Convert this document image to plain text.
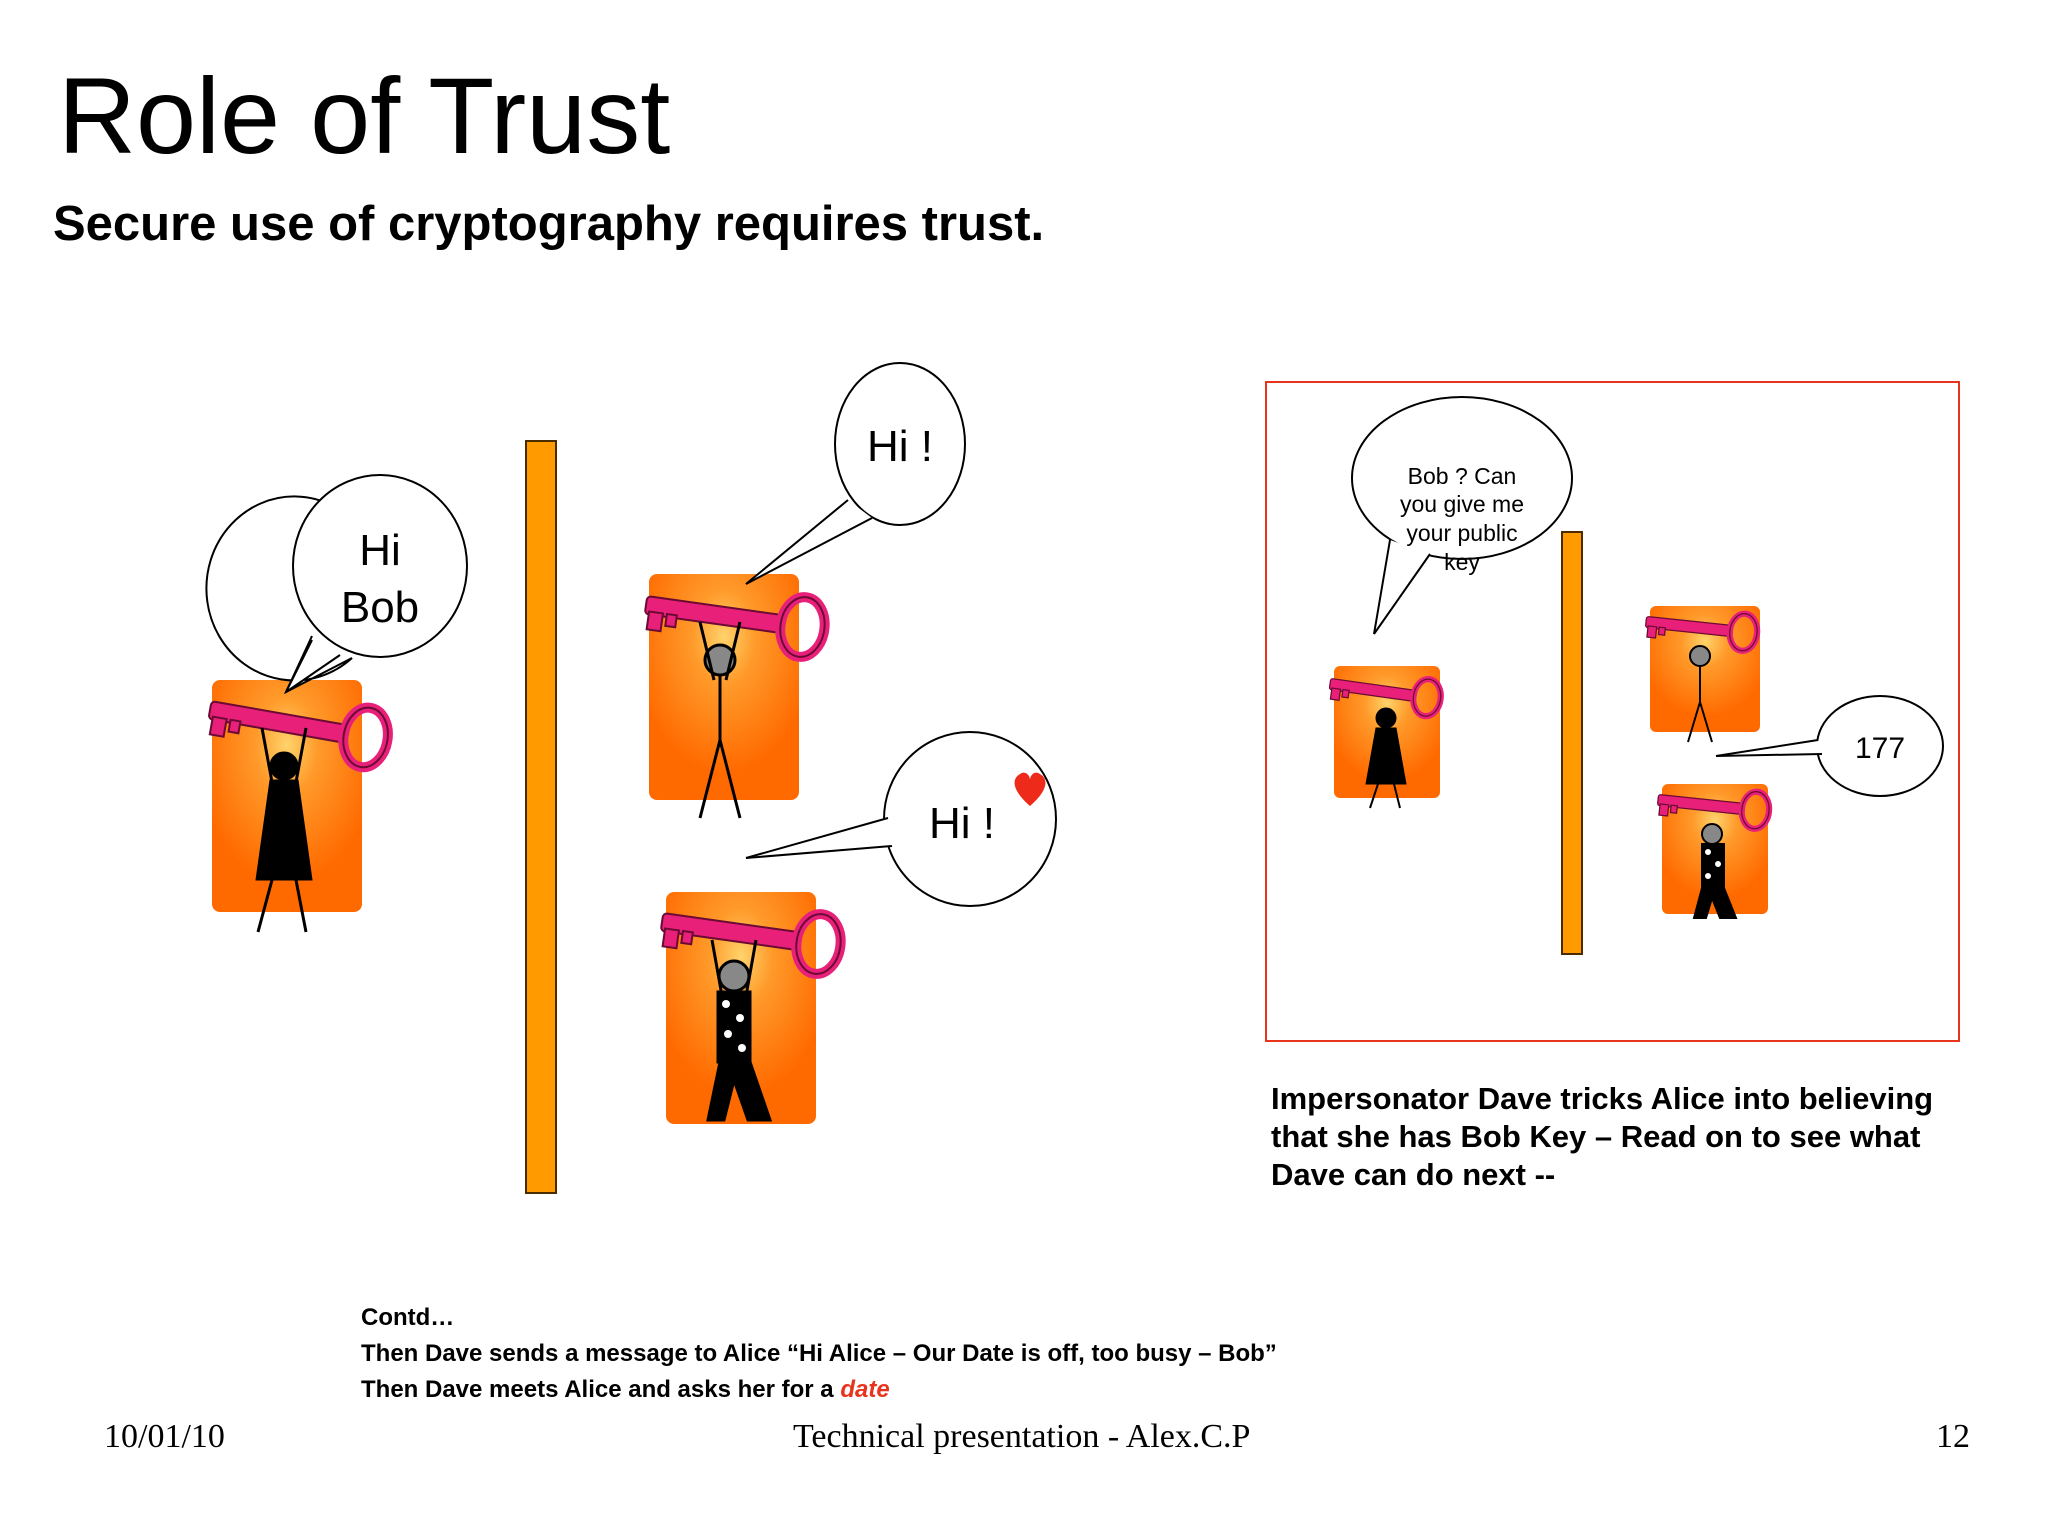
Role of Trust
Secure use of cryptography requires trust.
Hi
Bob
Hi !
Hi !
Bob ? Can
you give me
your public
key
177
Impersonator Dave tricks Alice into believing that she has Bob Key – Read on to see what Dave can do next --
Contd…
Then Dave sends a message to Alice “Hi Alice – Our Date is off, too busy – Bob”
Then Dave meets Alice and asks her for a date
10/01/10	Technical presentation - Alex.C.P	12
